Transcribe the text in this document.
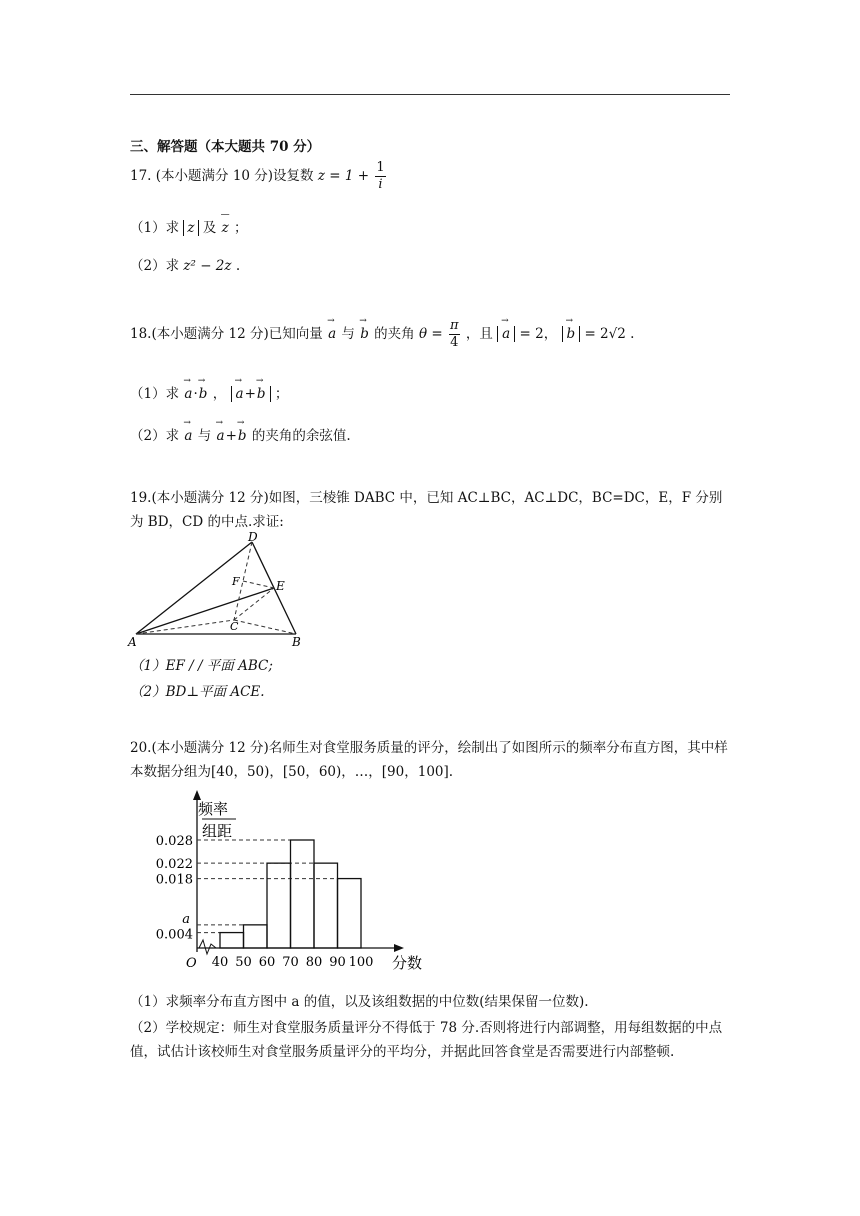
三、解答题（本大题共 70 分）
17. (本小题满分 10 分)设复数 $z = 1 + \frac{1}{i}$
（1）求 z 及 — z ；
（2）求 z² − 2z .
18.(本小题满分 12 分)已知向量 → a 与 → b 的夹角 $\theta = \frac{\pi}{4}$ ，且 → a = 2， → b = 2√2 .
（1）求 → a·→ b ， → a+→ b ；
（2）求 → a 与 → a+→ b 的夹角的余弦值.
19.(本小题满分 12 分)如图，三棱锥 DABC 中，已知 AC⊥BC，AC⊥DC，BC=DC，E，F 分别为 BD，CD 的中点.求证:
A	B
C
D
E
F
（1）EF / / 平面 ABC;
（2）BD⊥平面 ACE.
20.(本小题满分 12 分)名师生对食堂服务质量的评分，绘制出了如图所示的频率分布直方图，其中样本数据分组为[40，50)，[50，60)，…，[90，100].
0.004
a
0.018
0.022
0.028
40 50 60 70 80 90 100
频率
组距
分数
O
（1）求频率分布直方图中 a 的值，以及该组数据的中位数(结果保留一位数).
（2）学校规定：师生对食堂服务质量评分不得低于 78 分.否则将进行内部调整，用每组数据的中点值，试估计该校师生对食堂服务质量评分的平均分，并据此回答食堂是否需要进行内部整顿.
